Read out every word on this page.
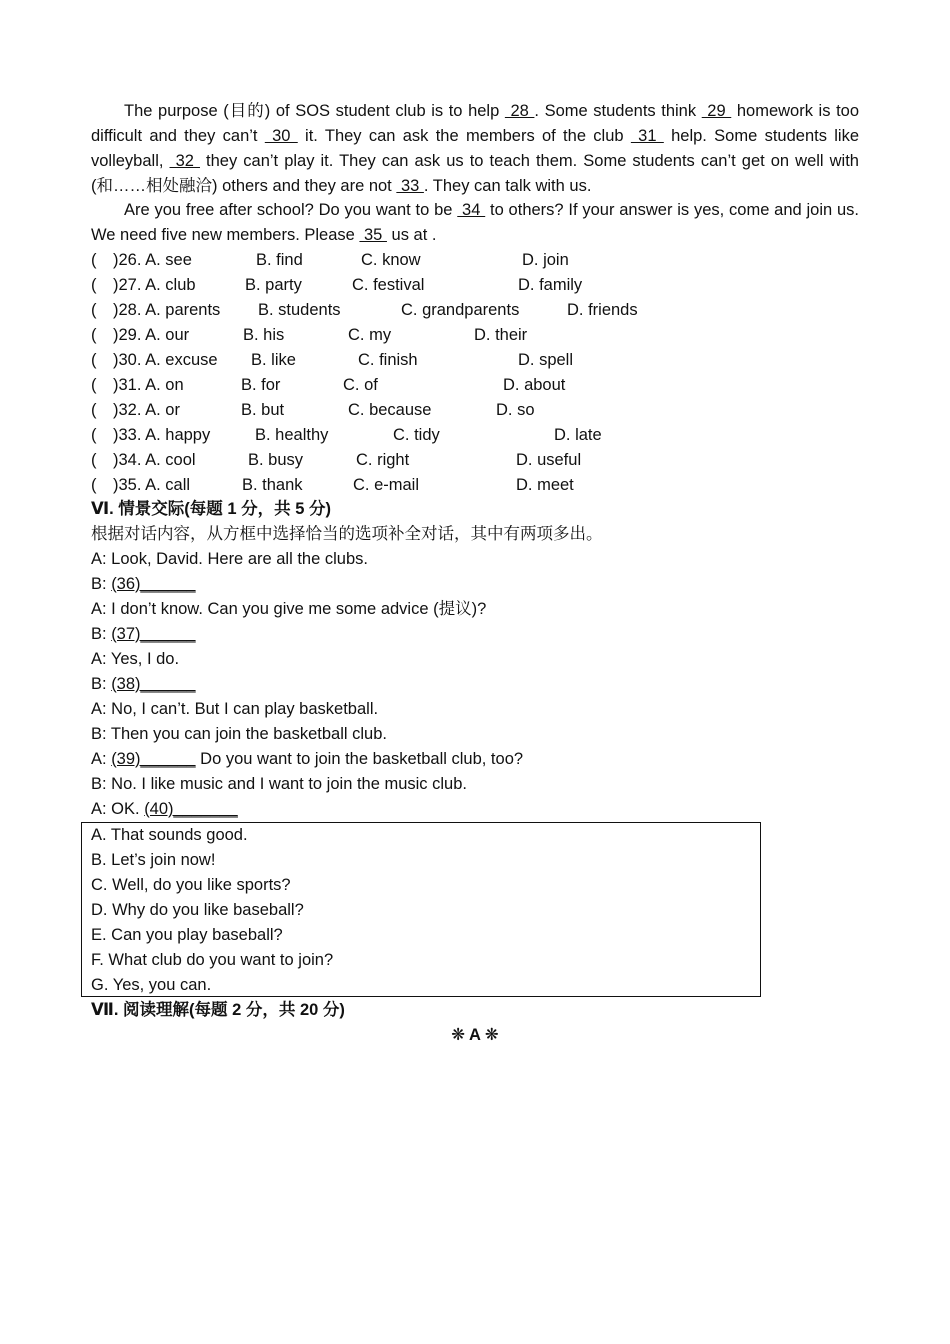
The purpose (目的) of SOS student club is to help  28 . Some students think  29  homework is too difficult and they can’t  30  it. They can ask the members of the club  31  help. Some students like volleyball,  32  they can’t play it. They can ask us to teach them. Some students can’t get on well with (和……相处融洽) others and they are not  33 . They can talk with us.

Are you free after school? Do you want to be  34  to others? If your answer is yes, come and join us. We need five new members. Please  35  us at .

(　)26. A. see	B. find	C. know	D. join
(　)27. A. club	B. party	C. festival	D. family
(　)28. A. parents B. students	C. grandparents	D. friends
(　)29. A. our	B. his	C. my	D. their
(　)30. A. excuse B. like	C. finish	D. spell
(　)31. A. on	B. for	C. of	D. about
(　)32. A. or	B. but	C. because	D. so
(　)33. A. happy	B. healthy	C. tidy	D. late
(　)34. A. cool	B. busy	C. right	D. useful
(　)35. A. call	B. thank	C. e-mail	D. meet
Ⅵ. 情景交际(每题 1 分，共 5 分)
根据对话内容，从方框中选择恰当的选项补全对话，其中有两项多出。
A: Look, David. Here are all the clubs.
B: (36)______
A: I don’t know. Can you give me some advice (提议)?
B: (37)______
A: Yes, I do.
B: (38)______
A: No, I can’t. But I can play basketball.
B: Then you can join the basketball club.
A: (39)______ Do you want to join the basketball club, too?
B: No. I like music and I want to join the music club.
A: OK. (40)_______
A. That sounds good.
B. Let’s join now!
C. Well, do you like sports?
D. Why do you like baseball?
E. Can you play baseball?
F. What club do you want to join?
G. Yes, you can.
Ⅶ. 阅读理解(每题 2 分，共 20 分)
❋ A ❋
